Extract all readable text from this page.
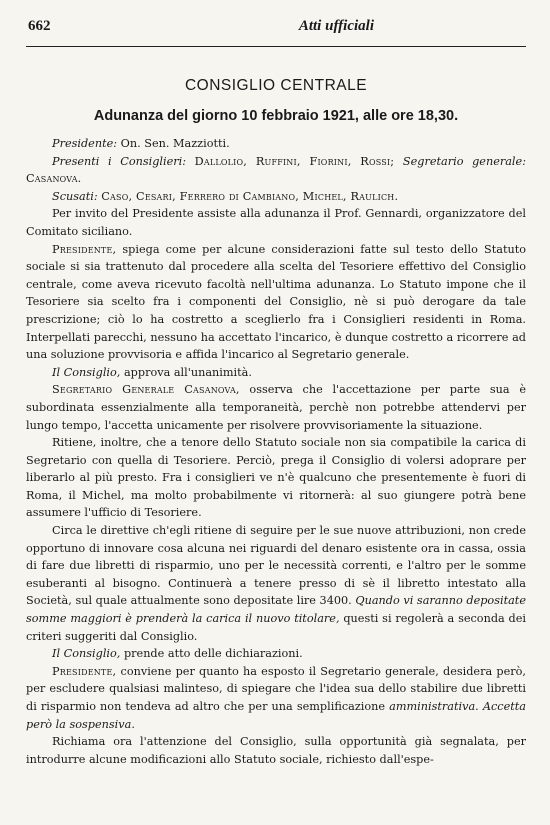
662	Atti ufficiali
CONSIGLIO CENTRALE
Adunanza del giorno 10 febbraio 1921, alle ore 18,30.

Presidente: On. Sen. Mazziotti.

Presenti i Consiglieri: Dallolio, Ruffini, Fiorini, Rossi; Segretario generale: Casanova.

Scusati: Caso, Cesari, Ferrero di Cambiano, Michel, Raulich.

Per invito del Presidente assiste alla adunanza il Prof. Gennardi, organizzatore del Comitato siciliano.

Presidente, spiega come per alcune considerazioni fatte sul testo dello Statuto sociale si sia trattenuto dal procedere alla scelta del Tesoriere effettivo del Consiglio centrale, come aveva ricevuto facoltà nell'ultima adunanza. Lo Statuto impone che il Tesoriere sia scelto fra i componenti del Consiglio, nè si può derogare da tale prescrizione; ciò lo ha costretto a sceglierlo fra i Consiglieri residenti in Roma. Interpellati parecchi, nessuno ha accettato l'incarico, è dunque costretto a ricorrere ad una soluzione provvisoria e affida l'incarico al Segretario generale.

Il Consiglio, approva all'unanimità.

Segretario Generale Casanova, osserva che l'accettazione per parte sua è subordinata essenzialmente alla temporaneità, perchè non potrebbe attendervi per lungo tempo, l'accetta unicamente per risolvere provvisoriamente la situazione.

Ritiene, inoltre, che a tenore dello Statuto sociale non sia compatibile la carica di Segretario con quella di Tesoriere. Perciò, prega il Consiglio di volersi adoprare per liberarlo al più presto. Fra i consiglieri ve n'è qualcuno che presentemente è fuori di Roma, il Michel, ma molto probabilmente vi ritornerà: al suo giungere potrà bene assumere l'ufficio di Tesoriere.

Circa le direttive ch'egli ritiene di seguire per le sue nuove attribuzioni, non crede opportuno di innovare cosa alcuna nei riguardi del denaro esistente ora in cassa, ossia di fare due libretti di risparmio, uno per le necessità correnti, e l'altro per le somme esuberanti al bisogno. Continuerà a tenere presso di sè il libretto intestato alla Società, sul quale attualmente sono depositate lire 3400. Quando vi saranno depositate somme maggiori è prenderà la carica il nuovo titolare, questi si regolerà a seconda dei criteri suggeriti dal Consiglio.

Il Consiglio, prende atto delle dichiarazioni.

Presidente, conviene per quanto ha esposto il Segretario generale, desidera però, per escludere qualsiasi malinteso, di spiegare che l'idea sua dello stabilire due libretti di risparmio non tendeva ad altro che per una semplificazione amministrativa. Accetta però la sospensiva.

Richiama ora l'attenzione del Consiglio, sulla opportunità già segnalata, per introdurre alcune modificazioni allo Statuto sociale, richiesto dall'espe-
